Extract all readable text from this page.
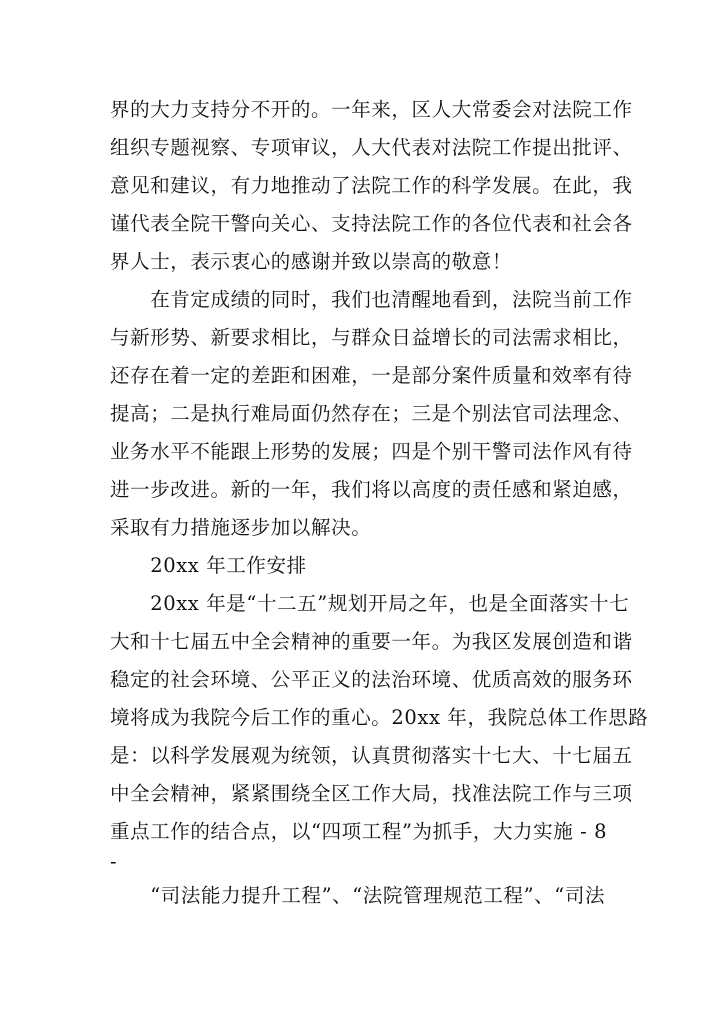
界的大力支持分不开的。一年来，区人大常委会对法院工作
组织专题视察、专项审议，人大代表对法院工作提出批评、
意见和建议，有力地推动了法院工作的科学发展。在此，我
谨代表全院干警向关心、支持法院工作的各位代表和社会各
界人士，表示衷心的感谢并致以崇高的敬意！
　　在肯定成绩的同时，我们也清醒地看到，法院当前工作
与新形势、新要求相比，与群众日益增长的司法需求相比，
还存在着一定的差距和困难，一是部分案件质量和效率有待
提高；二是执行难局面仍然存在；三是个别法官司法理念、
业务水平不能跟上形势的发展；四是个别干警司法作风有待
进一步改进。新的一年，我们将以高度的责任感和紧迫感，
采取有力措施逐步加以解决。
　　20xx 年工作安排
　　20xx 年是“十二五”规划开局之年，也是全面落实十七
大和十七届五中全会精神的重要一年。为我区发展创造和谐
稳定的社会环境、公平正义的法治环境、优质高效的服务环
境将成为我院今后工作的重心。20xx 年，我院总体工作思路
是：以科学发展观为统领，认真贯彻落实十七大、十七届五
中全会精神，紧紧围绕全区工作大局，找准法院工作与三项
重点工作的结合点，以“四项工程”为抓手，大力实施 - 8
-
　　“司法能力提升工程”、“法院管理规范工程”、“司法
